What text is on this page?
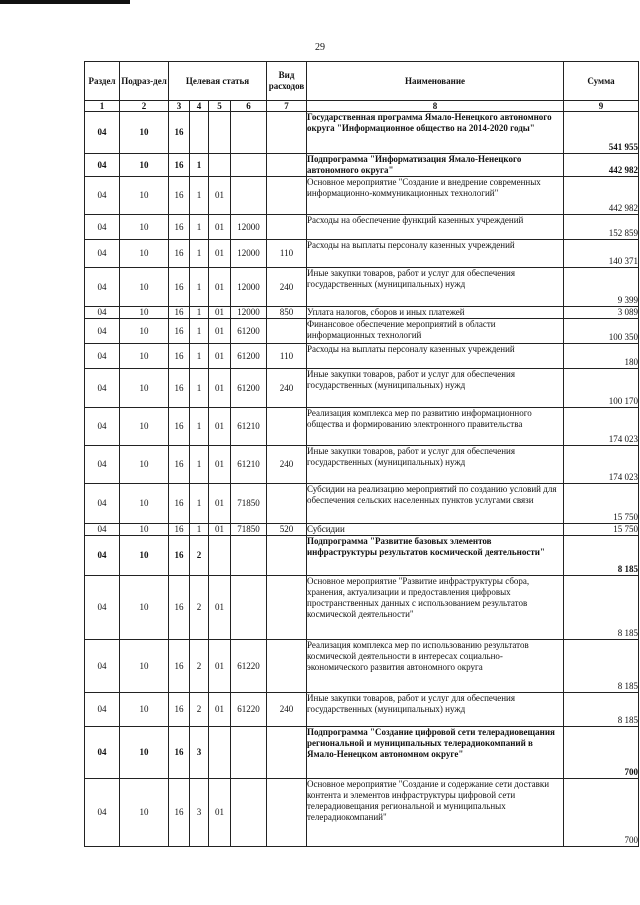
29
Раздел	Подраз-дел	Целевая статья				Вид расходов	Наименование	Сумма
1	2	3	4	5	6	7	8	9
04	10	16					Государственная программа Ямало-Ненецкого автономного округа "Информационное общество на 2014-2020 годы"	541 955
04	10	16	1				Подпрограмма "Информатизация Ямало-Ненецкого автономного округа"	442 982
04	10	16	1	01			Основное мероприятие "Создание и внедрение современных информационно-коммуникационных технологий"	442 982
04	10	16	1	01	12000		Расходы на обеспечение функций казенных учреждений	152 859
04	10	16	1	01	12000	110	Расходы на выплаты персоналу казенных учреждений	140 371
04	10	16	1	01	12000	240	Иные закупки товаров, работ и услуг для обеспечения государственных (муниципальных) нужд	9 399
04	10	16	1	01	12000	850	Уплата налогов, сборов и иных платежей	3 089
04	10	16	1	01	61200		Финансовое обеспечение мероприятий в области информационных технологий	100 350
04	10	16	1	01	61200	110	Расходы на выплаты персоналу казенных учреждений	180
04	10	16	1	01	61200	240	Иные закупки товаров, работ и услуг для обеспечения государственных (муниципальных) нужд	100 170
04	10	16	1	01	61210		Реализация комплекса мер по развитию информационного общества и формированию электронного правительства	174 023
04	10	16	1	01	61210	240	Иные закупки товаров, работ и услуг для обеспечения государственных (муниципальных) нужд	174 023
04	10	16	1	01	71850		Субсидии на реализацию мероприятий по созданию условий для обеспечения сельских населенных пунктов услугами связи	15 750
04	10	16	1	01	71850	520	Субсидии	15 750
04	10	16	2				Подпрограмма "Развитие базовых элементов инфраструктуры результатов космической деятельности"	8 185
04	10	16	2	01			Основное мероприятие "Развитие инфраструктуры сбора, хранения, актуализации и предоставления цифровых пространственных данных с использованием результатов космической деятельности"	8 185
04	10	16	2	01	61220		Реализация комплекса мер по использованию результатов космической деятельности в интересах социально-экономического развития автономного округа	8 185
04	10	16	2	01	61220	240	Иные закупки товаров, работ и услуг для обеспечения государственных (муниципальных) нужд	8 185
04	10	16	3				Подпрограмма "Создание цифровой сети телерадиовещания региональной и муниципальных телерадиокомпаний в Ямало-Ненецком автономном округе"	700
04	10	16	3	01			Основное мероприятие "Создание и содержание сети доставки контента и элементов инфраструктуры цифровой сети телерадиовещания региональной и муниципальных телерадиокомпаний"	700
